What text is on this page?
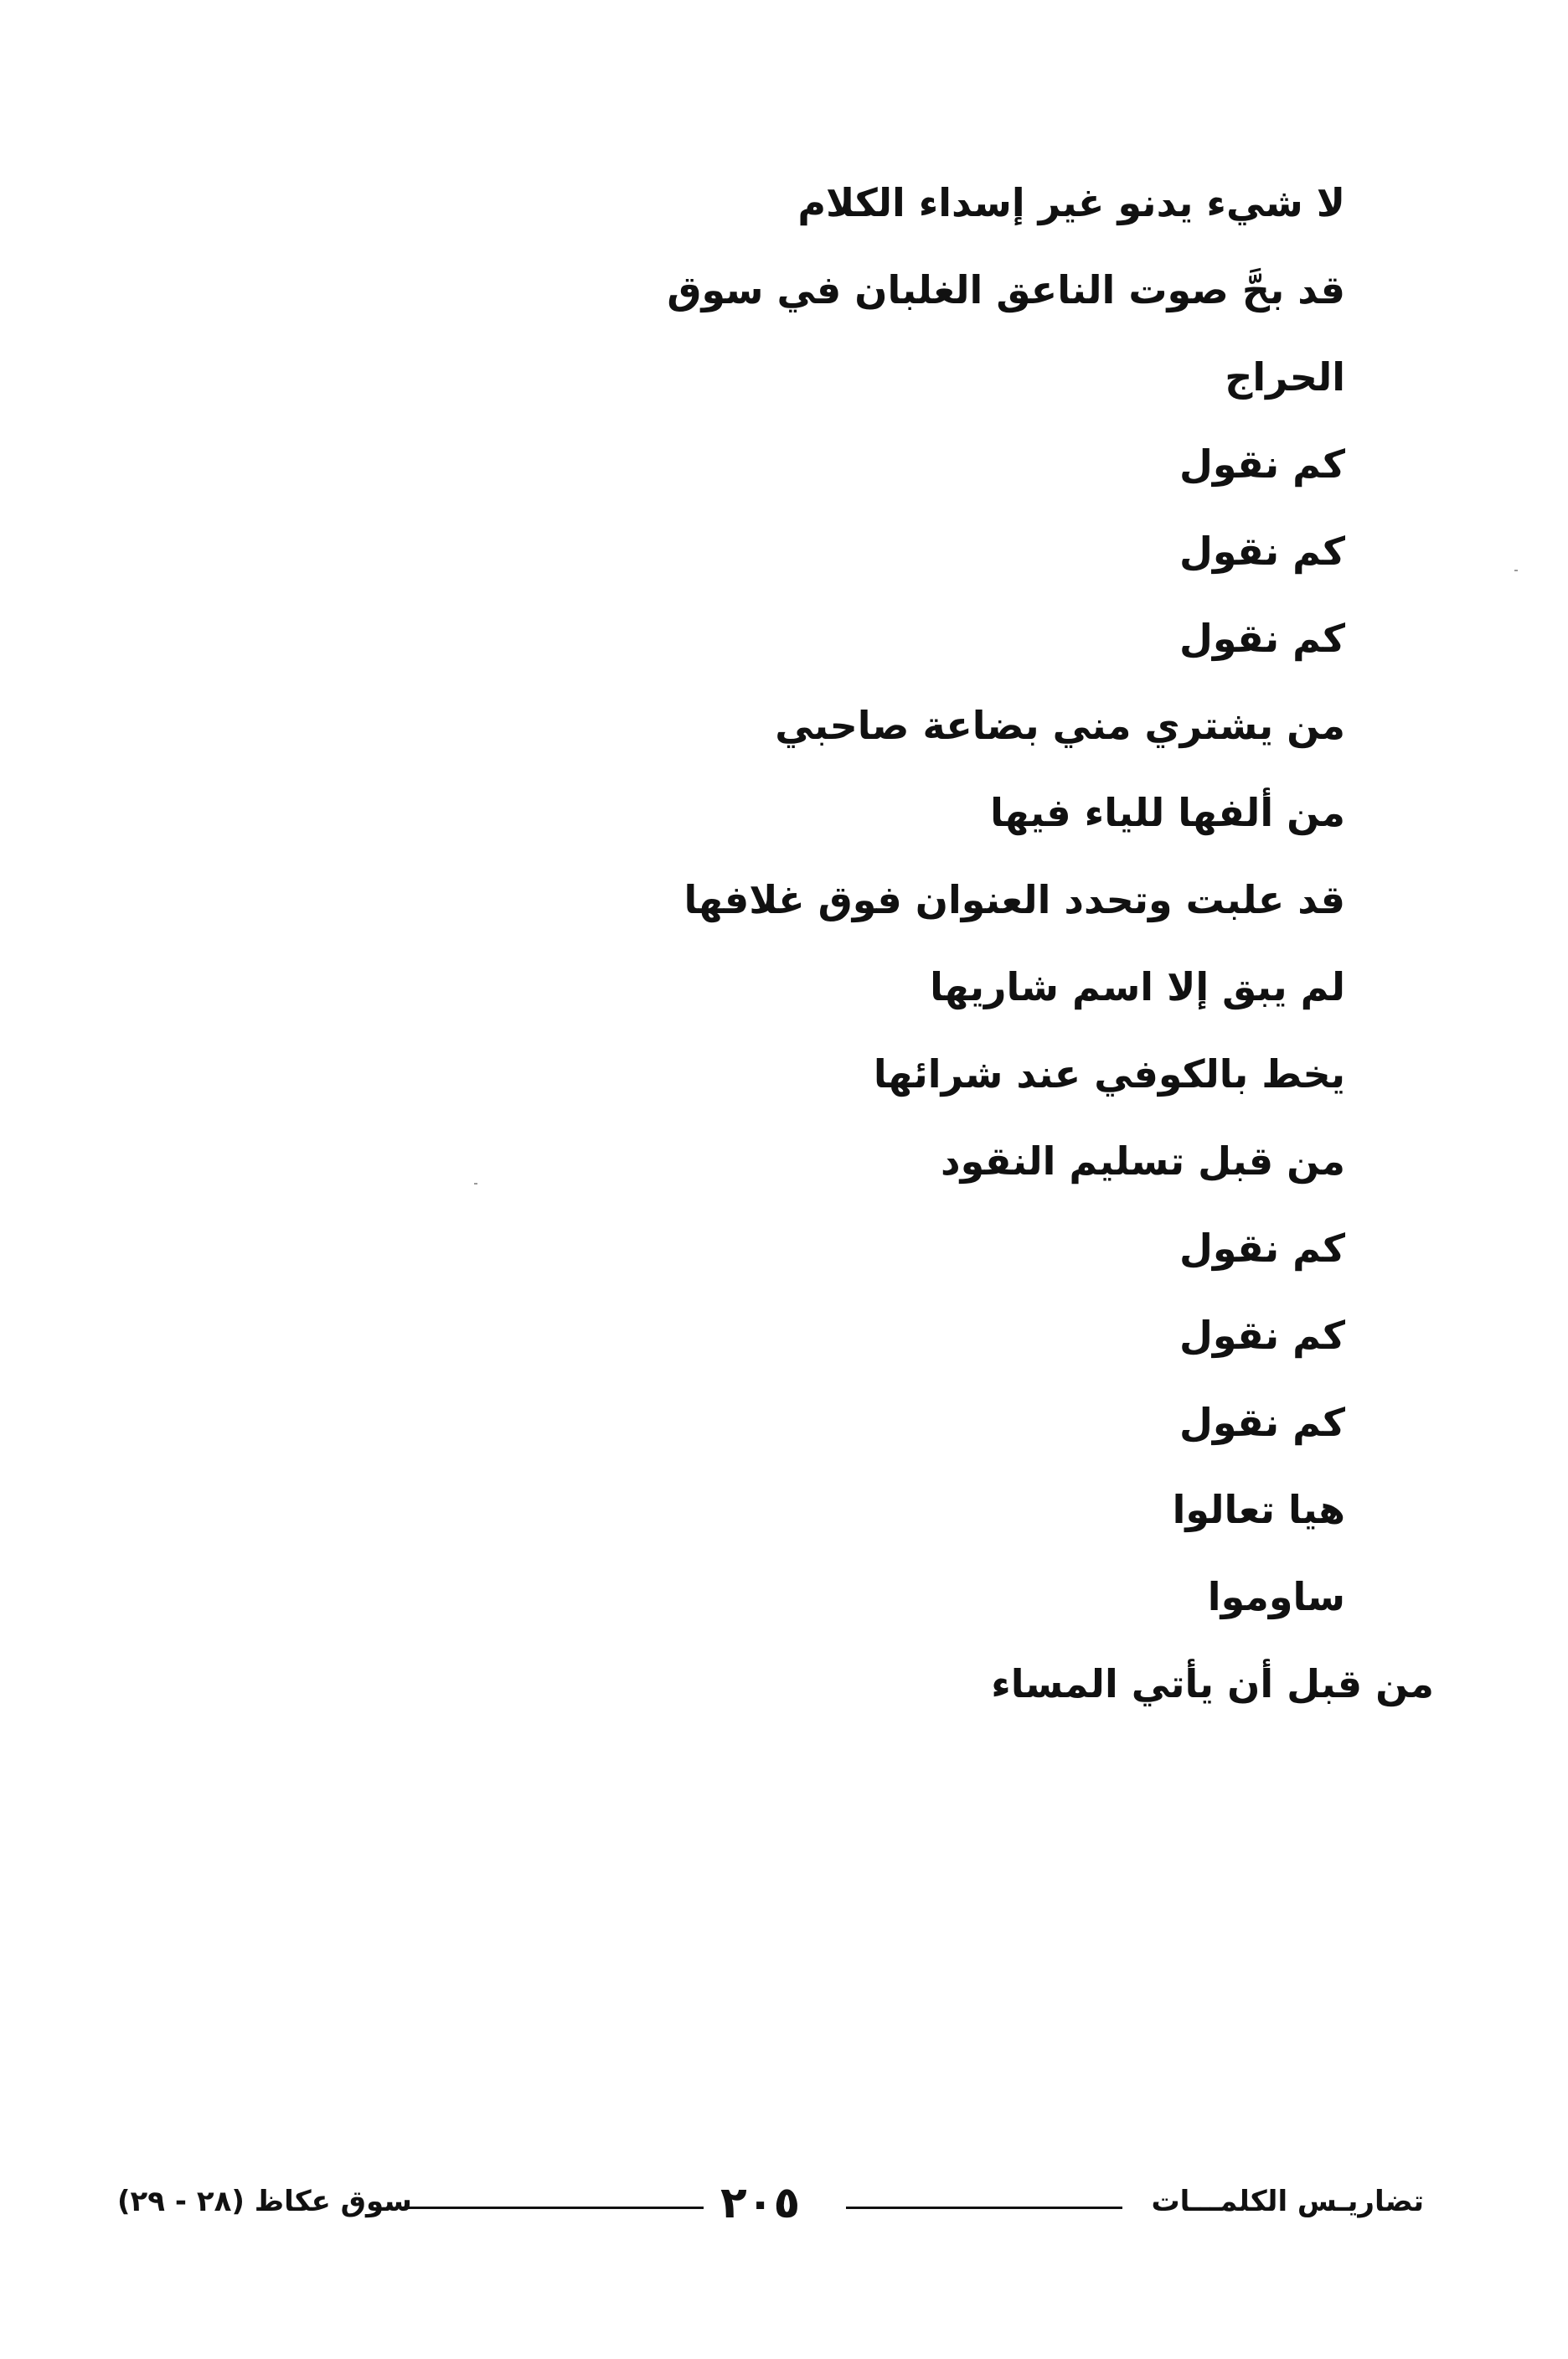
لا شيء يدنو غير إسداء الكلام
قد بحَّ صوت الناعق الغلبان في سوق
الحراج
كم نقول
كم نقول
كم نقول
من يشتري مني بضاعة صاحبي
من ألفها للياء فيها
قد علبت وتحدد العنوان فوق غلافها
لم يبق إلا اسم شاريها
يخط بالكوفي عند شرائها
من قبل تسليم النقود
كم نقول
كم نقول
كم نقول
هيا تعالوا
ساوموا
من قبل أن يأتي المساء
تضاريـس الكلمـــات
٢٠٥
سوق عكاظ (٢٨ - ٢٩)
